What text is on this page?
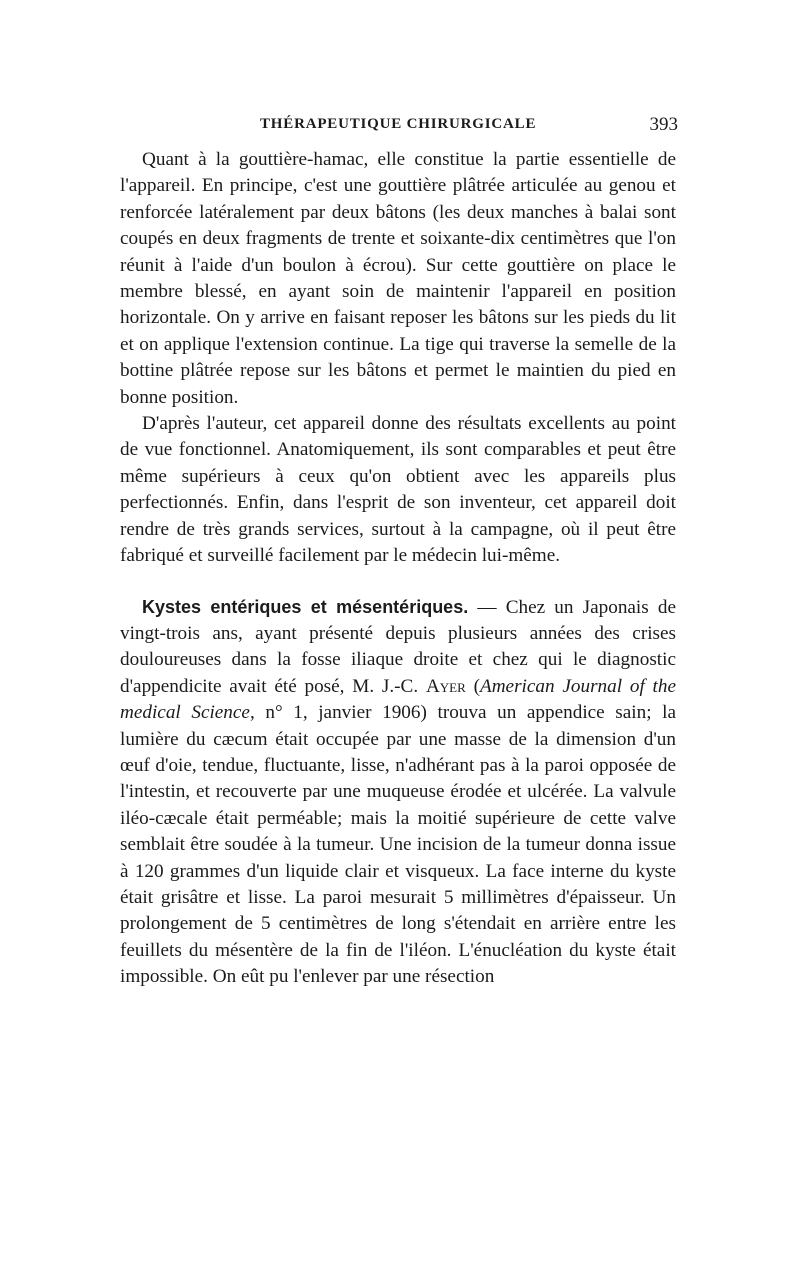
THÉRAPEUTIQUE CHIRURGICALE	393

Quant à la gouttière-hamac, elle constitue la partie essentielle de l'appareil. En principe, c'est une gouttière plâtrée articulée au genou et renforcée latéralement par deux bâtons (les deux manches à balai sont coupés en deux fragments de trente et soixante-dix centimètres que l'on réunit à l'aide d'un boulon à écrou). Sur cette gouttière on place le membre blessé, en ayant soin de maintenir l'appareil en position horizontale. On y arrive en faisant reposer les bâtons sur les pieds du lit et on applique l'extension continue. La tige qui traverse la semelle de la bottine plâtrée repose sur les bâtons et permet le maintien du pied en bonne position.

D'après l'auteur, cet appareil donne des résultats excellents au point de vue fonctionnel. Anatomiquement, ils sont comparables et peut être même supérieurs à ceux qu'on obtient avec les appareils plus perfectionnés. Enfin, dans l'esprit de son inventeur, cet appareil doit rendre de très grands services, surtout à la campagne, où il peut être fabriqué et surveillé facilement par le médecin lui-même.

Kystes entériques et mésentériques. — Chez un Japonais de vingt-trois ans, ayant présenté depuis plusieurs années des crises douloureuses dans la fosse iliaque droite et chez qui le diagnostic d'appendicite avait été posé, M. J.-C. Ayer (American Journal of the medical Science, n° 1, janvier 1906) trouva un appendice sain; la lumière du cæcum était occupée par une masse de la dimension d'un œuf d'oie, tendue, fluctuante, lisse, n'adhérant pas à la paroi opposée de l'intestin, et recouverte par une muqueuse érodée et ulcérée. La valvule iléo-cæcale était perméable; mais la moitié supérieure de cette valve semblait être soudée à la tumeur. Une incision de la tumeur donna issue à 120 grammes d'un liquide clair et visqueux. La face interne du kyste était grisâtre et lisse. La paroi mesurait 5 millimètres d'épaisseur. Un prolongement de 5 centimètres de long s'étendait en arrière entre les feuillets du mésentère de la fin de l'iléon. L'énucléation du kyste était impossible. On eût pu l'enlever par une résection
